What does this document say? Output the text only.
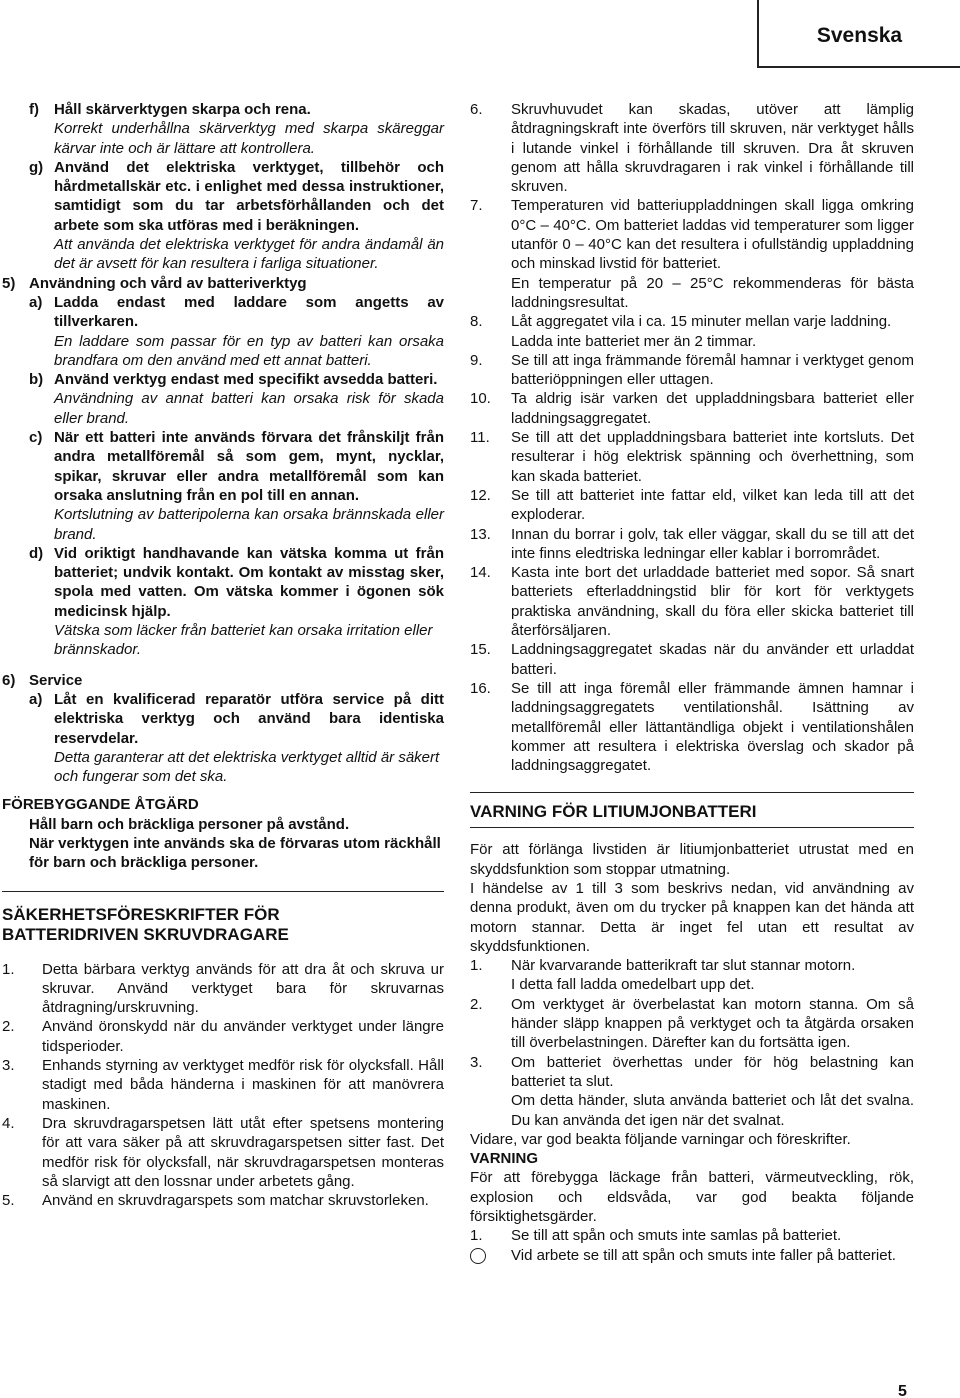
Svenska
f)	Håll skärverktygen skarpa och rena.
Korrekt underhållna skärverktyg med skarpa skäreggar kärvar inte och är lättare att kontrollera.
g) Använd det elektriska verktyget, tillbehör och hårdmetallskär etc. i enlighet med dessa instruktioner, samtidigt som du tar arbetsförhållanden och det arbete som ska utföras med i beräkningen.
Att använda det elektriska verktyget för andra ändamål än det är avsett för kan resultera i farliga situationer.
5) Användning och vård av batteriverktyg
a) Ladda endast med laddare som angetts av tillverkaren.
En laddare som passar för en typ av batteri kan orsaka brandfara om den använd med ett annat batteri.
b) Använd verktyg endast med specifikt avsedda batteri.
Användning av annat batteri kan orsaka risk för skada eller brand.
c) När ett batteri inte används förvara det frånskiljt från andra metallföremål så som gem, mynt, nycklar, spikar, skruvar eller andra metallföremål som kan orsaka anslutning från en pol till en annan.
Kortslutning av batteripolerna kan orsaka brännskada eller brand.
d) Vid oriktigt handhavande kan vätska komma ut från batteriet; undvik kontakt. Om kontakt av misstag sker, spola med vatten. Om vätska kommer i ögonen sök medicinsk hjälp.
Vätska som läcker från batteriet kan orsaka irritation eller brännskador.
6) Service
a) Låt en kvalificerad reparatör utföra service på ditt elektriska verktyg och använd bara identiska reservdelar.
Detta garanterar att det elektriska verktyget alltid är säkert och fungerar som det ska.
FÖREBYGGANDE ÅTGÄRD
Håll barn och bräckliga personer på avstånd.
När verktygen inte används ska de förvaras utom räckhåll för barn och bräckliga personer.
SÄKERHETSFÖRESKRIFTER FÖR
BATTERIDRIVEN SKRUVDRAGARE
1.	Detta bärbara verktyg används för att dra åt och skruva ur skruvar. Använd verktyget bara för skruvarnas åtdragning/urskruvning.
2.	Använd öronskydd när du använder verktyget under längre tidsperioder.
3.	Enhands styrning av verktyget medför risk för olycksfall. Håll stadigt med båda händerna i maskinen för att manövrera maskinen.
4.	Dra skruvdragarspetsen lätt utåt efter spetsens montering för att vara säker på att skruvdragarspetsen sitter fast. Det medför risk för olycksfall, när skruvdragarspetsen monteras så slarvigt att den lossnar under arbetets gång.
5.	Använd en skruvdragarspets som matchar skruvstorleken.
6.	Skruvhuvudet kan skadas, utöver att lämplig åtdragningskraft inte överförs till skruven, när verktyget hålls i lutande vinkel i förhållande till skruven. Dra åt skruven genom att hålla skruvdragaren i rak vinkel i förhållande till skruven.
7.	Temperaturen vid batteriuppladdningen skall ligga omkring 0°C – 40°C. Om batteriet laddas vid temperaturer som ligger utanför 0 – 40°C kan det resultera i ofullständig uppladdning och minskad livstid för batteriet.
En temperatur på 20 – 25°C rekommenderas för bästa laddningsresultat.
8.	Låt aggregatet vila i ca. 15 minuter mellan varje laddning.
Ladda inte batteriet mer än 2 timmar.
9.	Se till att inga främmande föremål hamnar i verktyget genom batteriöppningen eller uttagen.
10.	Ta aldrig isär varken det uppladdningsbara batteriet eller laddningsaggregatet.
11.	Se till att det uppladdningsbara batteriet inte kortsluts. Det resulterar i hög elektrisk spänning och överhettning, som kan skada batteriet.
12.	Se till att batteriet inte fattar eld, vilket kan leda till att det exploderar.
13.	Innan du borrar i golv, tak eller väggar, skall du se till att det inte finns eledtriska ledningar eller kablar i borrområdet.
14.	Kasta inte bort det urladdade batteriet med sopor. Så snart batteriets efterladdningstid blir för kort för verktygets praktiska användning, skall du föra eller skicka batteriet till återförsäljaren.
15.	Laddningsaggregatet skadas när du använder ett urladdat batteri.
16.	Se till att inga föremål eller främmande ämnen hamnar i laddningsaggregatets ventilationshål. Isättning av metallföremål eller lättantändliga objekt i ventilationshålen kommer att resultera i elektriska överslag och skador på laddningsaggregatet.
VARNING FÖR LITIUMJONBATTERI
För att förlänga livstiden är litiumjonbatteriet utrustat med en skyddsfunktion som stoppar utmatning.
I händelse av 1 till 3 som beskrivs nedan, vid användning av denna produkt, även om du trycker på knappen kan det hända att motorn stannar. Detta är inget fel utan ett resultat av skyddsfunktionen.
1.	När kvarvarande batterikraft tar slut stannar motorn.
I detta fall ladda omedelbart upp det.
2.	Om verktyget är överbelastat kan motorn stanna. Om så händer släpp knappen på verktyget och ta åtgärda orsaken till överbelastningen. Därefter kan du fortsätta igen.
3.	Om batteriet överhettas under för hög belastning kan batteriet ta slut.
Om detta händer, sluta använda batteriet och låt det svalna. Du kan använda det igen när det svalnat.
Vidare, var god beakta följande varningar och föreskrifter.
VARNING
För att förebygga läckage från batteri, värmeutveckling, rök, explosion och eldsvåda, var god beakta följande försiktighetsgärder.
1.	Se till att spån och smuts inte samlas på batteriet.
Vid arbete se till att spån och smuts inte faller på batteriet.
5
